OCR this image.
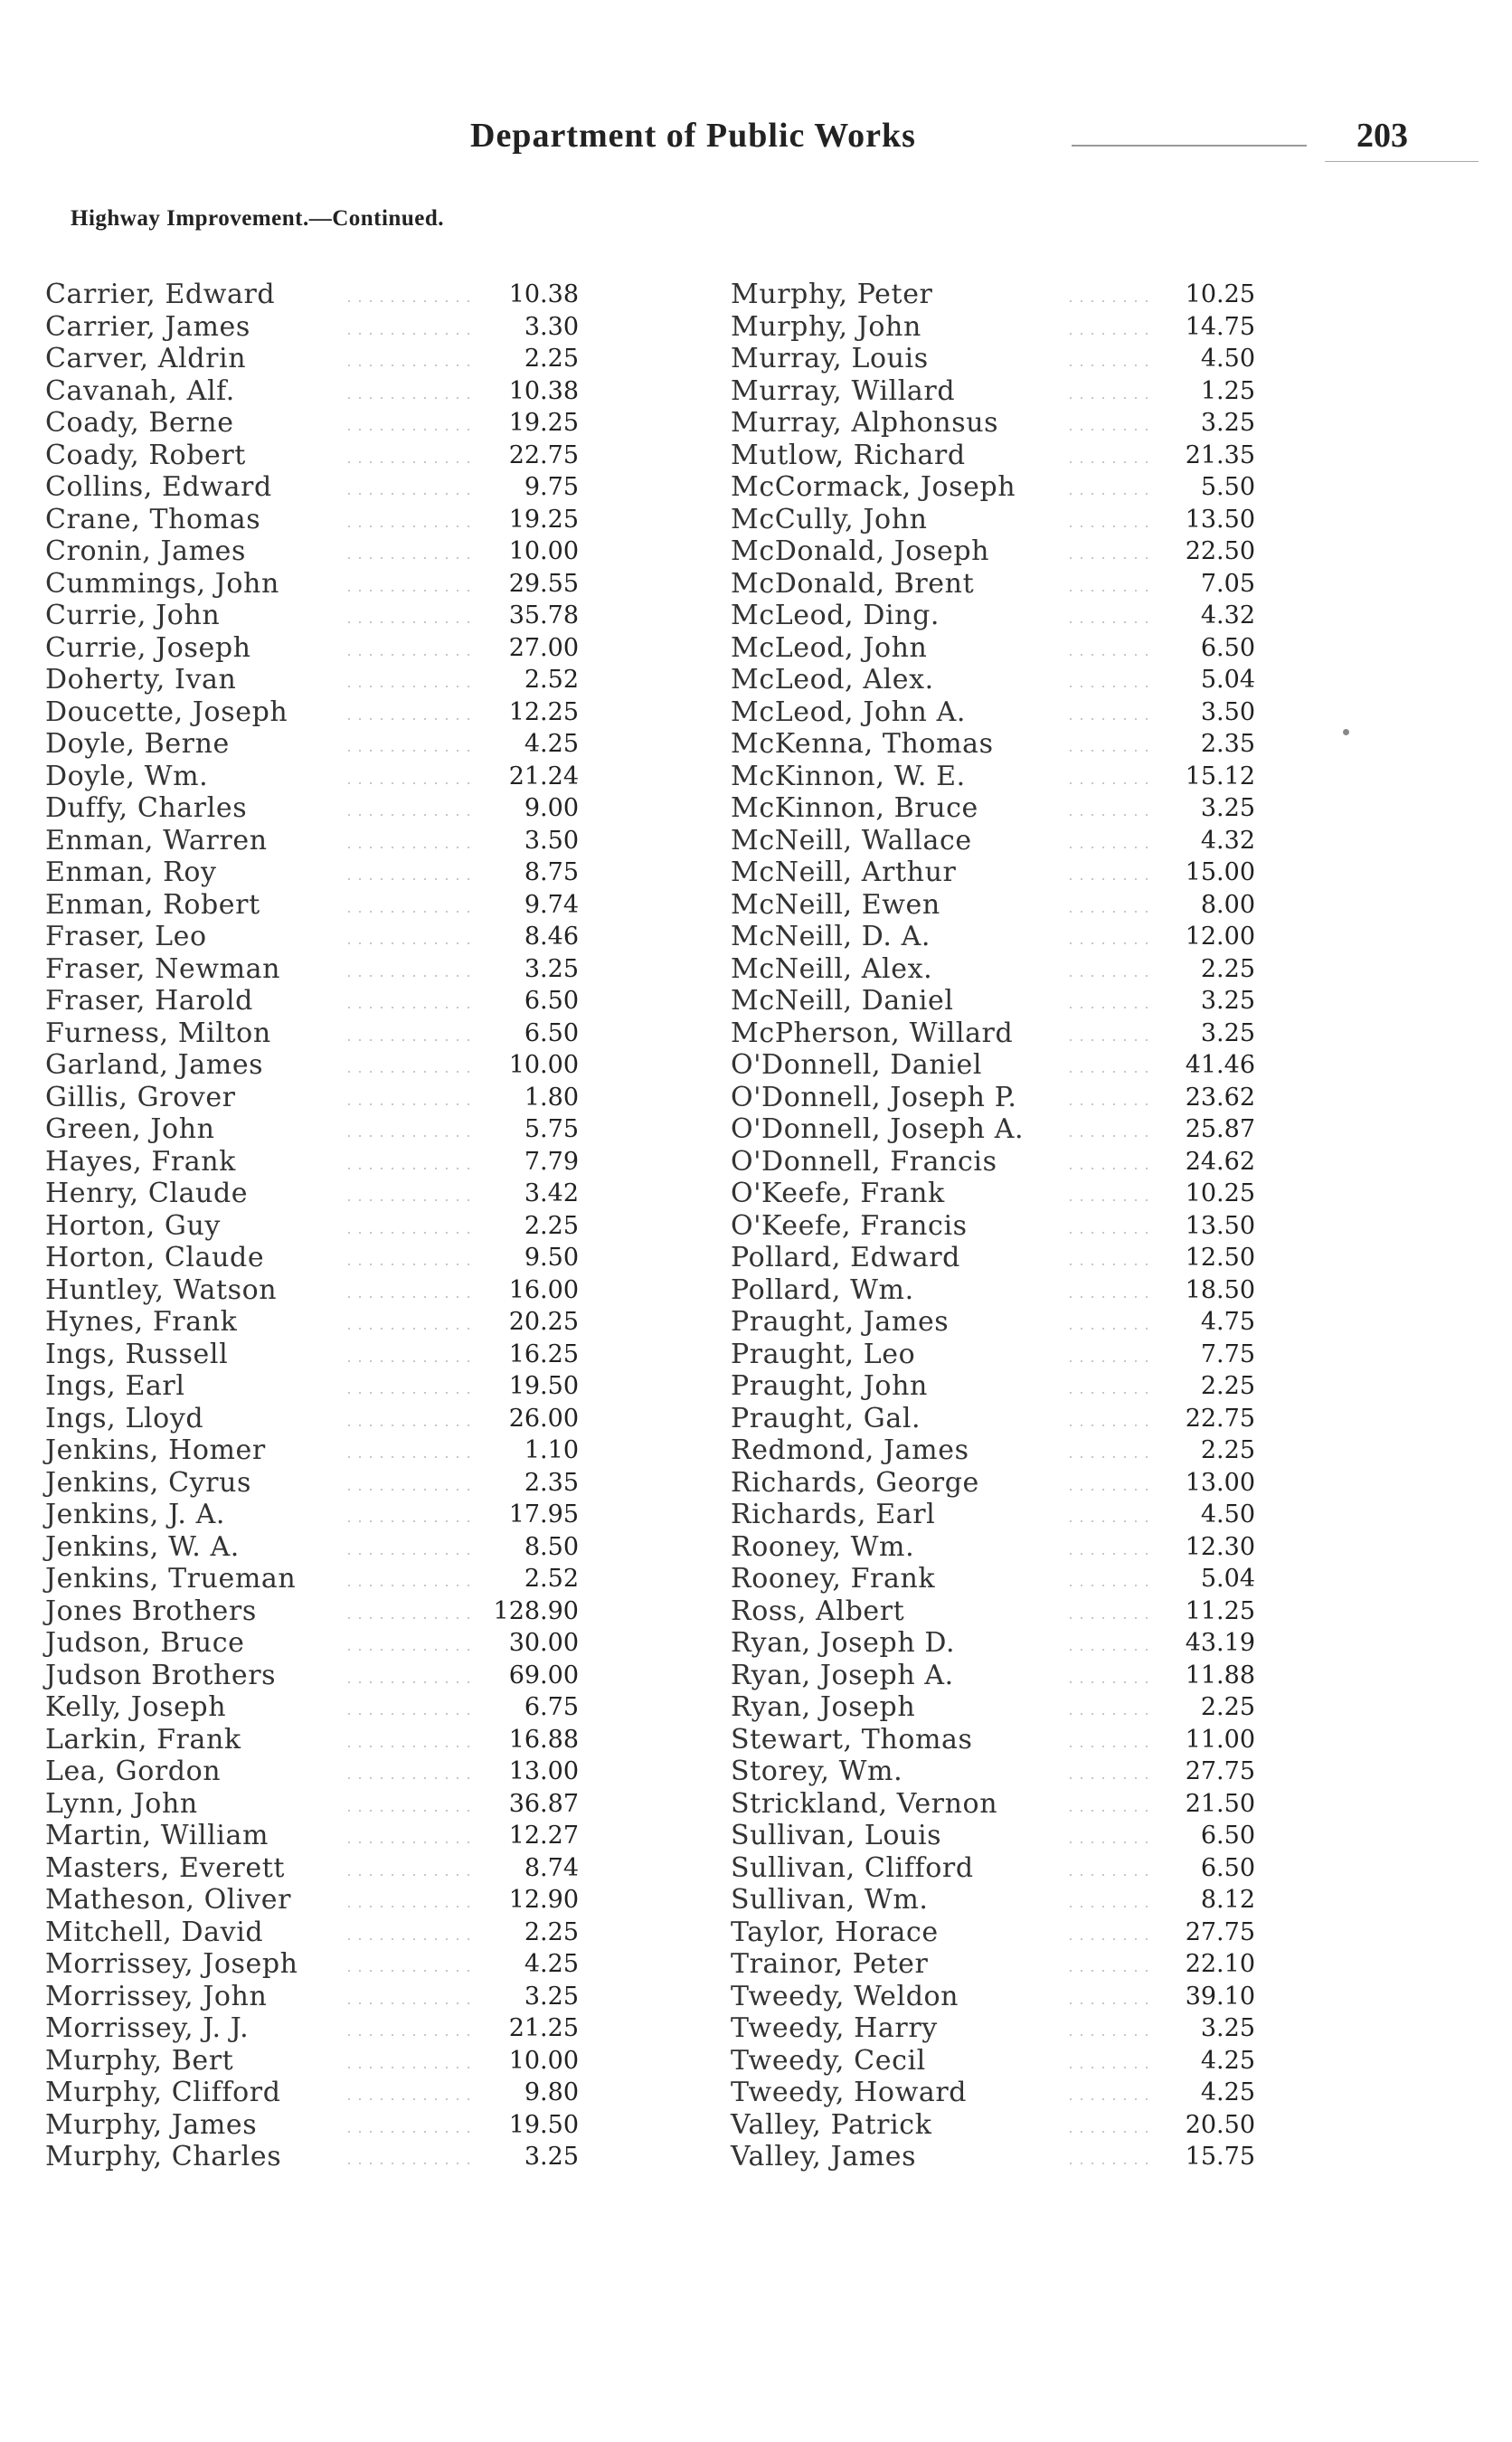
Department of Public Works	203
Highway Improvement.—Continued.
Carrier, Edward	10.38
Carrier, James	3.30
Carver, Aldrin	2.25
Cavanah, Alf.	10.38
Coady, Berne	19.25
Coady, Robert	22.75
Collins, Edward	9.75
Crane, Thomas	19.25
Cronin, James	10.00
Cummings, John	29.55
Currie, John	35.78
Currie, Joseph	27.00
Doherty, Ivan	2.52
Doucette, Joseph	12.25
Doyle, Berne	4.25
Doyle, Wm.	21.24
Duffy, Charles	9.00
Enman, Warren	3.50
Enman, Roy	8.75
Enman, Robert	9.74
Fraser, Leo	8.46
Fraser, Newman	3.25
Fraser, Harold	6.50
Furness, Milton	6.50
Garland, James	10.00
Gillis, Grover	1.80
Green, John	5.75
Hayes, Frank	7.79
Henry, Claude	3.42
Horton, Guy	2.25
Horton, Claude	9.50
Huntley, Watson	16.00
Hynes, Frank	20.25
Ings, Russell	16.25
Ings, Earl	19.50
Ings, Lloyd	26.00
Jenkins, Homer	1.10
Jenkins, Cyrus	2.35
Jenkins, J. A.	17.95
Jenkins, W. A.	8.50
Jenkins, Trueman	2.52
Jones Brothers	128.90
Judson, Bruce	30.00
Judson Brothers	69.00
Kelly, Joseph	6.75
Larkin, Frank	16.88
Lea, Gordon	13.00
Lynn, John	36.87
Martin, William	12.27
Masters, Everett	8.74
Matheson, Oliver	12.90
Mitchell, David	2.25
Morrissey, Joseph	4.25
Morrissey, John	3.25
Morrissey, J. J.	21.25
Murphy, Bert	10.00
Murphy, Clifford	9.80
Murphy, James	19.50
Murphy, Charles	3.25
Murphy, Peter	10.25
Murphy, John	14.75
Murray, Louis	4.50
Murray, Willard	1.25
Murray, Alphonsus	3.25
Mutlow, Richard	21.35
McCormack, Joseph	5.50
McCully, John	13.50
McDonald, Joseph	22.50
McDonald, Brent	7.05
McLeod, Ding.	4.32
McLeod, John	6.50
McLeod, Alex.	5.04
McLeod, John A.	3.50
McKenna, Thomas	2.35
McKinnon, W. E.	15.12
McKinnon, Bruce	3.25
McNeill, Wallace	4.32
McNeill, Arthur	15.00
McNeill, Ewen	8.00
McNeill, D. A.	12.00
McNeill, Alex.	2.25
McNeill, Daniel	3.25
McPherson, Willard	3.25
O'Donnell, Daniel	41.46
O'Donnell, Joseph P.	23.62
O'Donnell, Joseph A.	25.87
O'Donnell, Francis	24.62
O'Keefe, Frank	10.25
O'Keefe, Francis	13.50
Pollard, Edward	12.50
Pollard, Wm.	18.50
Praught, James	4.75
Praught, Leo	7.75
Praught, John	2.25
Praught, Gal.	22.75
Redmond, James	2.25
Richards, George	13.00
Richards, Earl	4.50
Rooney, Wm.	12.30
Rooney, Frank	5.04
Ross, Albert	11.25
Ryan, Joseph D.	43.19
Ryan, Joseph A.	11.88
Ryan, Joseph	2.25
Stewart, Thomas	11.00
Storey, Wm.	27.75
Strickland, Vernon	21.50
Sullivan, Louis	6.50
Sullivan, Clifford	6.50
Sullivan, Wm.	8.12
Taylor, Horace	27.75
Trainor, Peter	22.10
Tweedy, Weldon	39.10
Tweedy, Harry	3.25
Tweedy, Cecil	4.25
Tweedy, Howard	4.25
Valley, Patrick	20.50
Valley, James	15.75
